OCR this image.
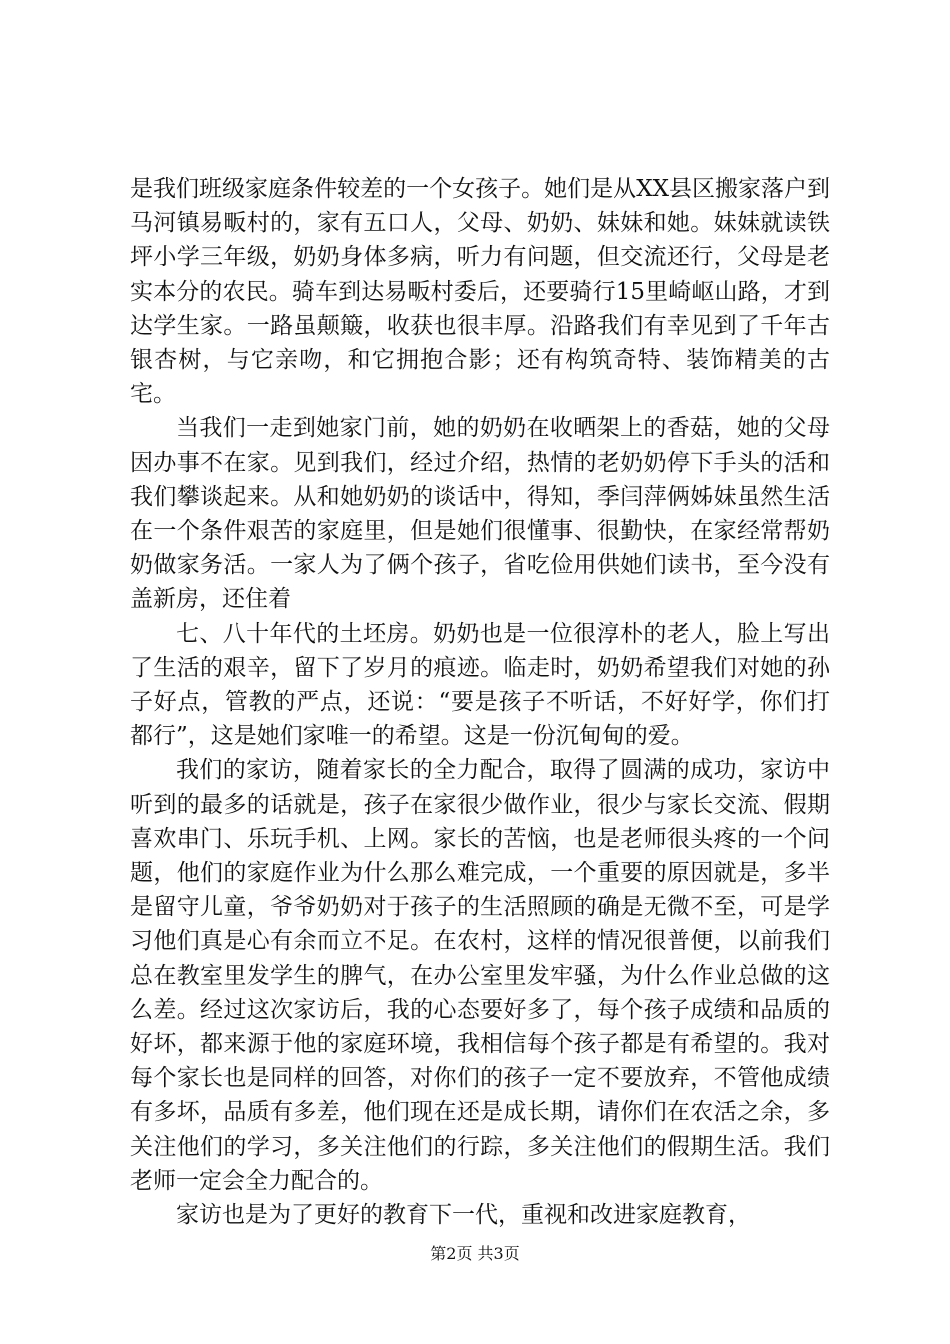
是我们班级家庭条件较差的一个女孩子。她们是从XX县区搬家落户到马河镇易畈村的，家有五口人，父母、奶奶、妹妹和她。妹妹就读铁坪小学三年级，奶奶身体多病，听力有问题，但交流还行，父母是老实本分的农民。骑车到达易畈村委后，还要骑行15里崎岖山路，才到达学生家。一路虽颠簸，收获也很丰厚。沿路我们有幸见到了千年古银杏树，与它亲吻，和它拥抱合影；还有构筑奇特、装饰精美的古宅。

当我们一走到她家门前，她的奶奶在收晒架上的香菇，她的父母因办事不在家。见到我们，经过介绍，热情的老奶奶停下手头的活和我们攀谈起来。从和她奶奶的谈话中，得知，季闫萍俩姊妹虽然生活在一个条件艰苦的家庭里，但是她们很懂事、很勤快，在家经常帮奶奶做家务活。一家人为了俩个孩子，省吃俭用供她们读书，至今没有盖新房，还住着

七、八十年代的土坯房。奶奶也是一位很淳朴的老人，脸上写出了生活的艰辛，留下了岁月的痕迹。临走时，奶奶希望我们对她的孙子好点，管教的严点，还说：“要是孩子不听话，不好好学，你们打都行”，这是她们家唯一的希望。这是一份沉甸甸的爱。

我们的家访，随着家长的全力配合，取得了圆满的成功，家访中听到的最多的话就是，孩子在家很少做作业，很少与家长交流、假期喜欢串门、乐玩手机、上网。家长的苦恼，也是老师很头疼的一个问题，他们的家庭作业为什么那么难完成，一个重要的原因就是，多半是留守儿童，爷爷奶奶对于孩子的生活照顾的确是无微不至，可是学习他们真是心有余而立不足。在农村，这样的情况很普便，以前我们总在教室里发学生的脾气，在办公室里发牢骚，为什么作业总做的这么差。经过这次家访后，我的心态要好多了，每个孩子成绩和品质的好坏，都来源于他的家庭环境，我相信每个孩子都是有希望的。我对每个家长也是同样的回答，对你们的孩子一定不要放弃，不管他成绩有多坏，品质有多差，他们现在还是成长期，请你们在农活之余，多关注他们的学习，多关注他们的行踪，多关注他们的假期生活。我们老师一定会全力配合的。

家访也是为了更好的教育下一代，重视和改进家庭教育，

第2页 共3页
